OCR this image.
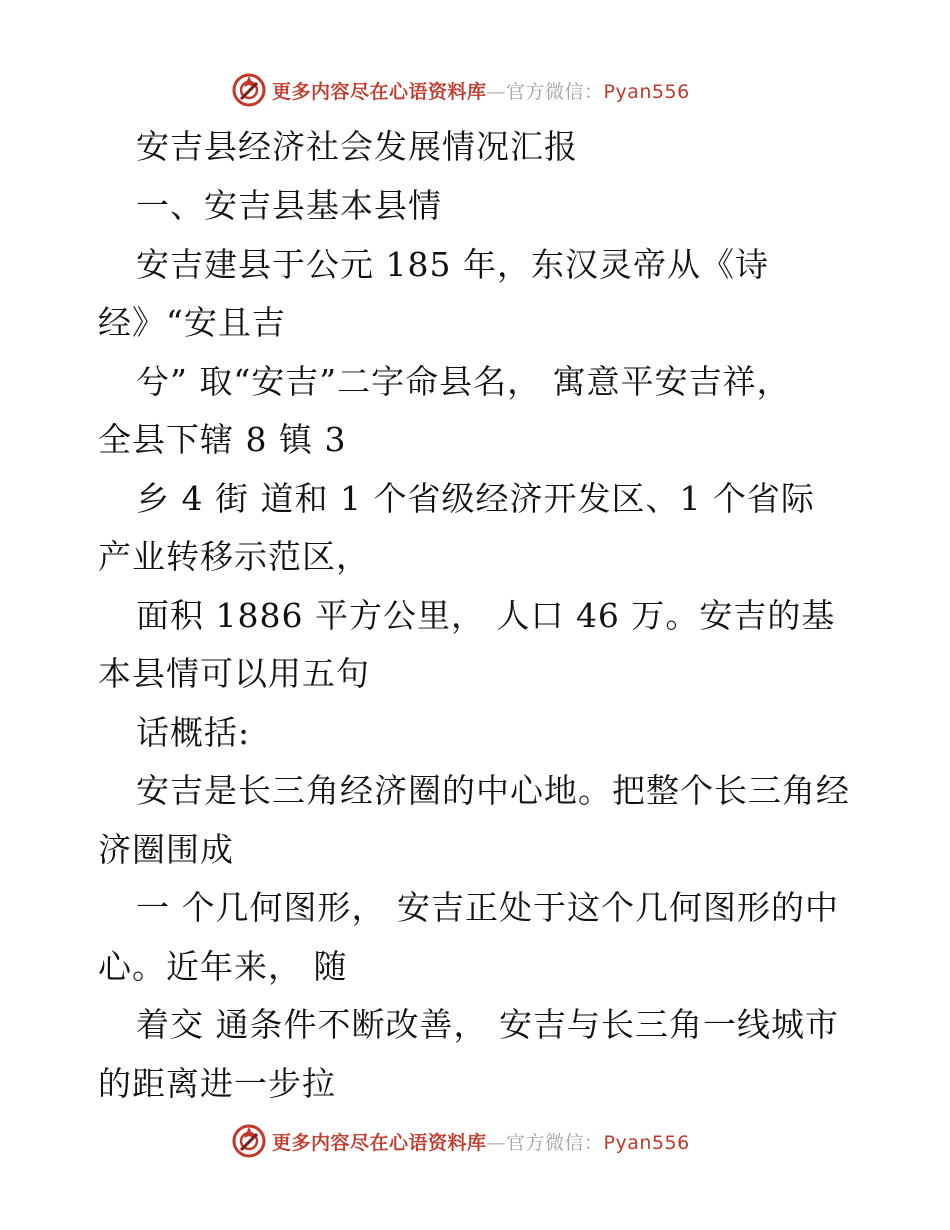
更多内容尽在心语资料库—官方微信：Pyan556
安吉县经济社会发展情况汇报
一、安吉县基本县情
安吉建县于公元 185 年，东汉灵帝从《诗
经》“安且吉
兮” 取“安吉”二字命县名， 寓意平安吉祥，
全县下辖 8 镇 3
乡 4 街 道和 1 个省级经济开发区、1 个省际
产业转移示范区，
面积 1886 平方公里， 人口 46 万。安吉的基
本县情可以用五句
话概括:
安吉是长三角经济圈的中心地。把整个长三角经
济圈围成
一 个几何图形， 安吉正处于这个几何图形的中
心。近年来， 随
着交 通条件不断改善， 安吉与长三角一线城市
的距离进一步拉
更多内容尽在心语资料库—官方微信：Pyan556
